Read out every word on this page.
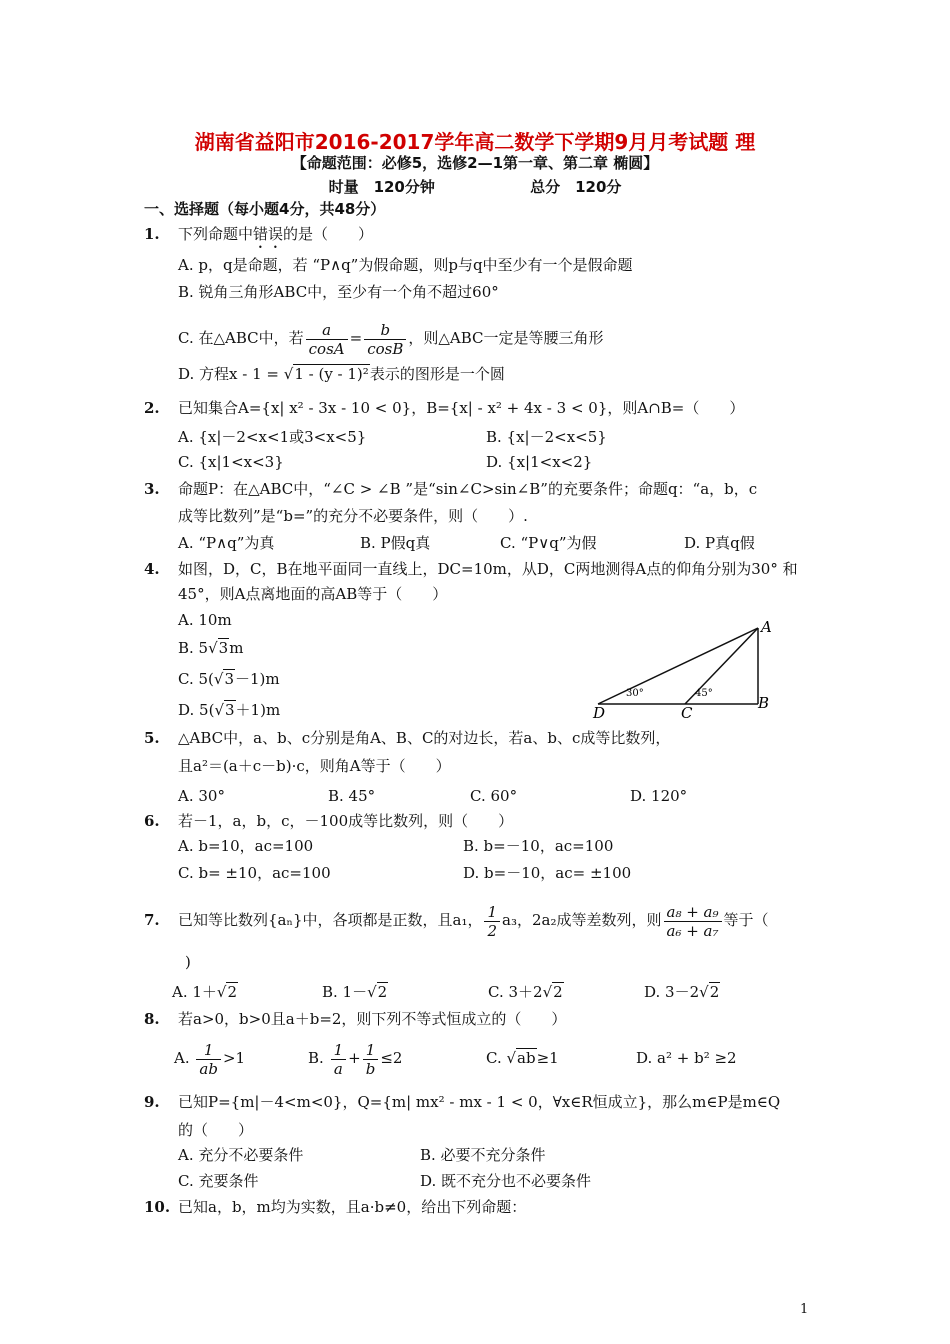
湖南省益阳市2016-2017学年高二数学下学期9月月考试题 理
【命题范围：必修5，选修2—1第一章、第二章 椭圆】
时量　120分钟	总分　120分
一、选择题（每小题4分，共48分）
1. 下列命题中错误的是（　　）
A. p，q是命题，若 “P∧q”为假命题，则p与q中至少有一个是假命题
B. 锐角三角形ABC中，至少有一个角不超过60°
C. 在△ABC中，若 $\frac{a}{\cos A} = \frac{b}{\cos B}$ ，则△ABC一定是等腰三角形
D. 方程x - 1 = √1 - (y - 1)²表示的图形是一个圆
2. 已知集合A={x| x² - 3x - 10 < 0}，B={x| - x² + 4x - 3 < 0}，则A∩B=（　　）
A. {x|－2<x<1或3<x<5}	B. {x|－2<x<5}
C. {x|1<x<3}	D. {x|1<x<2}
3. 命题P：在△ABC中，“∠C > ∠B ”是“sin∠C>sin∠B”的充要条件；命题q：“a，b，c
成等比数列”是“b=”的充分不必要条件，则（　　）.
A. “P∧q”为真	B. P假q真	C. “P∨q”为假	D. P真q假
4. 如图，D，C，B在地平面同一直线上，DC=10m，从D，C两地测得A点的仰角分别为30° 和
45°，则A点离地面的高AB等于（　　）
A. 10m
B. 5√3m
C. 5(√3－1)m
D. 5(√3＋1)m
A
B
C
D
30°	45°
5. △ABC中，a、b、c分别是角A、B、C的对边长，若a、b、c成等比数列，
且a²＝(a＋c－b)·c，则角A等于（　　）
A. 30°	B. 45°	C. 60°	D. 120°
6. 若－1，a，b，c，－100成等比数列，则（　　）
A. b=10，ac=100	B. b=－10，ac=100
C. b= ±10，ac=100	D. b=－10，ac= ±100
7. 已知等比数列{aₙ}中，各项都是正数，且a₁， $\frac{1}{2} a_3$，2a₂成等差数列，则 $\frac{\text{a₈ + a₉}}{\text{a₆ + a₇}}$ 等于（
)
A. 1＋√2	B. 1－√2	C. 3＋2√2	D. 3－2√2
8. 若a>0，b>0且a＋b=2，则下列不等式恒成立的（　　）
A. $\frac{1}{ab} >1$	B. $\frac{1}{a} + \frac{1}{b} \le 2$	C. √ab≥1	D. a² + b² ≥2
9. 已知P={m|－4<m<0}，Q={m| mx² - mx - 1 < 0，∀x∈R恒成立}，那么m∈P是m∈Q
的（　　）
A. 充分不必要条件	B. 必要不充分条件
C. 充要条件	D. 既不充分也不必要条件
10. 已知a，b，m均为实数，且a·b≠0，给出下列命题：
1
